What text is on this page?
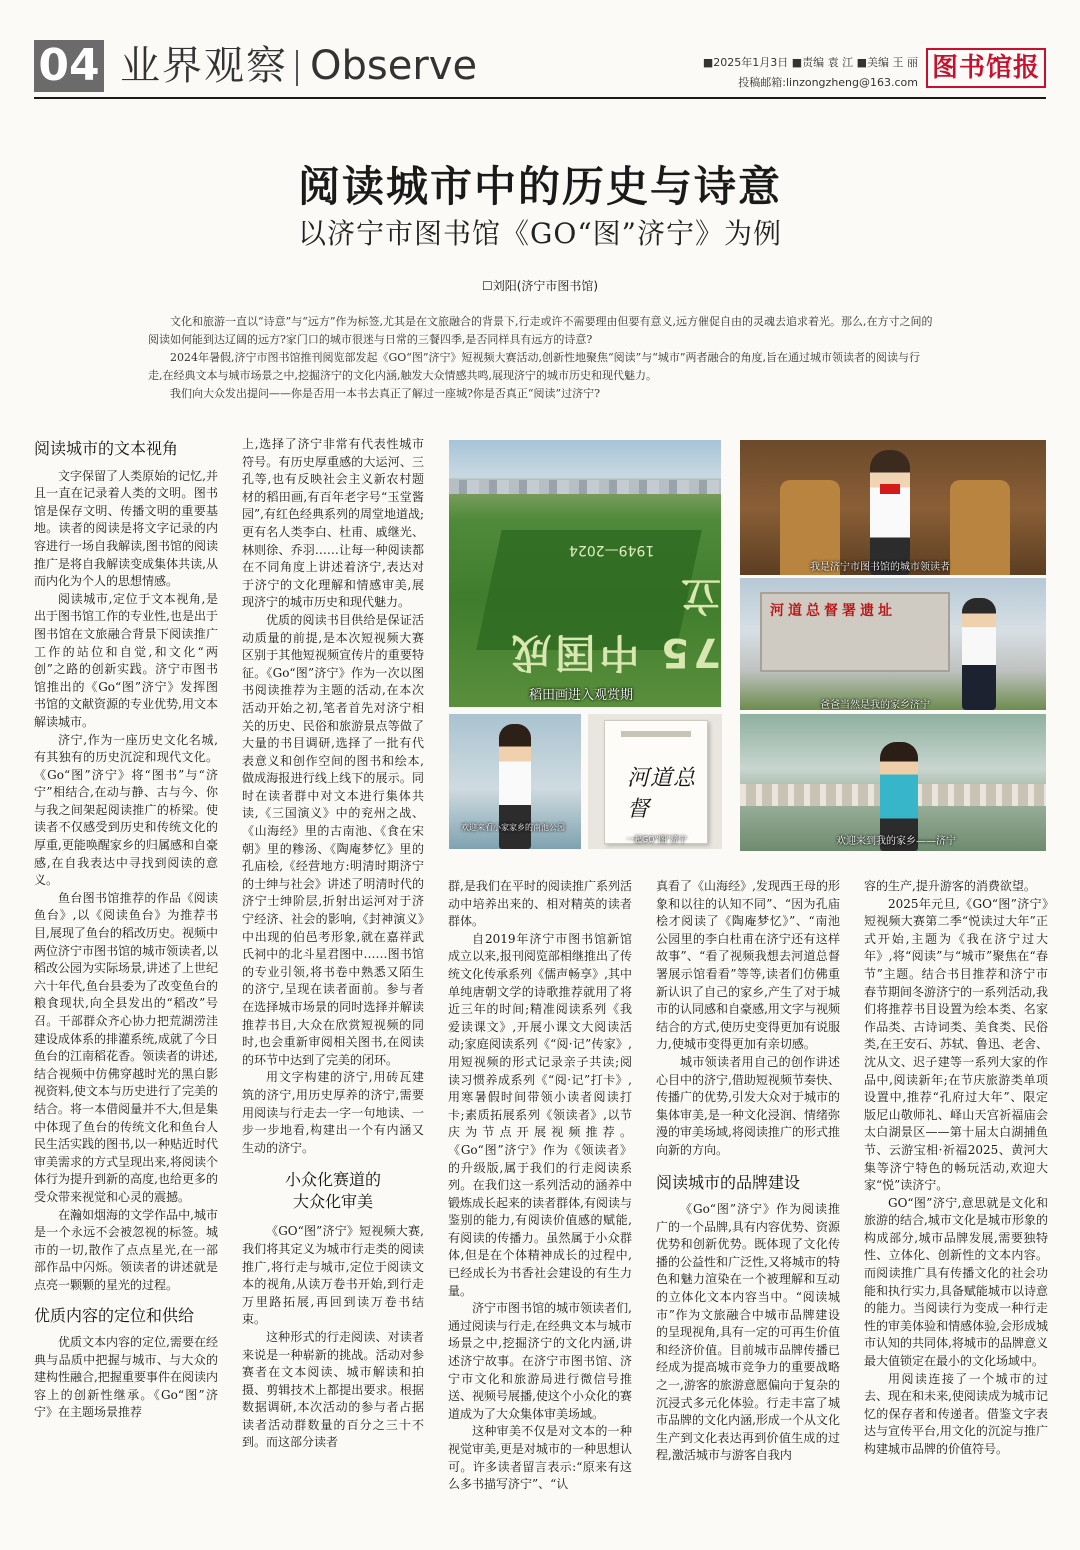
04 业界观察 Observe	■2025年1月3日 ■责编 袁 江 ■美编 王 丽
投稿邮箱:linzongzheng@163.com 图书馆报
阅读城市中的历史与诗意
以济宁市图书馆《GO“图”济宁》为例
☐刘阳(济宁市图书馆)

文化和旅游一直以“诗意”与“远方”作为标签,尤其是在文旅融合的背景下,行走或许不需要理由但要有意义,远方催促自由的灵魂去追求着光。那么,在方寸之间的阅读如何能到达辽阔的远方?家门口的城市很迷与日常的三餐四季,是否同样具有远方的诗意?

2024年暑假,济宁市图书馆推刊阅览部发起《GO“图”济宁》短视频大赛活动,创新性地聚焦“阅读”与“城市”两者融合的角度,旨在通过城市领读者的阅读与行走,在经典文本与城市场景之中,挖掘济宁的文化内涵,触发大众情感共鸣,展现济宁的城市历史和现代魅力。

我们向大众发出提问——你是否用一本书去真正了解过一座城?你是否真正“阅读”过济宁?

阅读城市的文本视角

文字保留了人类原始的记忆,并且一直在记录着人类的文明。图书馆是保存文明、传播文明的重要基地。读者的阅读是将文字记录的内容进行一场自我解读,图书馆的阅读推广是将自我解读变成集体共读,从而内化为个人的思想情感。

阅读城市,定位于文本视角,是出于图书馆工作的专业性,也是出于图书馆在文旅融合背景下阅读推广工作的站位和自觉,和文化“两创”之路的创新实践。济宁市图书馆推出的《Go“图”济宁》发挥图书馆的文献资源的专业优势,用文本解读城市。

济宁,作为一座历史文化名城,有其独有的历史沉淀和现代文化。《Go“图”济宁》将“图书”与“济宁”相结合,在动与静、古与今、你与我之间架起阅读推广的桥梁。使读者不仅感受到历史和传统文化的厚重,更能唤醒家乡的归属感和自豪感,在自我表达中寻找到阅读的意义。

鱼台图书馆推荐的作品《阅读鱼台》,以《阅读鱼台》为推荐书目,展现了鱼台的稻改历史。视频中两位济宁市图书馆的城市领读者,以稻改公园为实际场景,讲述了上世纪六十年代,鱼台县委为了改变鱼台的粮食现状,向全县发出的“稻改”号召。干部群众齐心协力把荒湖涝洼建设成体系的排灌系统,成就了今日鱼台的江南稻花香。领读者的讲述,结合视频中仿佛穿越时光的黑白影视资料,使文本与历史进行了完美的结合。将一本借阅量并不大,但是集中体现了鱼台的传统文化和鱼台人民生活实践的图书,以一种贴近时代审美需求的方式呈现出来,将阅读个体行为提升到新的高度,也给更多的受众带来视觉和心灵的震撼。

在瀚如烟海的文学作品中,城市是一个永远不会被忽视的标签。城市的一切,散作了点点星光,在一部部作品中闪烁。领读者的讲述就是点亮一颗颗的星光的过程。

优质内容的定位和供给

优质文本内容的定位,需要在经典与品质中把握与城市、与大众的建构性融合,把握重要事件在阅读内容上的创新性继承。《Go“图”济宁》在主题场景推荐

上,选择了济宁非常有代表性城市符号。有历史厚重感的大运河、三孔等,也有反映社会主义新农村题材的稻田画,有百年老字号“玉堂酱园”,有红色经典系列的周堂地道战;更有名人类李白、杜甫、戚继光、林则徐、乔羽……让每一种阅读都在不同角度上讲述着济宁,表达对于济宁的文化理解和情感审美,展现济宁的城市历史和现代魅力。

优质的阅读书目供给是保证活动质量的前提,是本次短视频大赛区别于其他短视频宣传片的重要特征。《Go“图”济宁》作为一次以图书阅读推荐为主题的活动,在本次活动开始之初,笔者首先对济宁相关的历史、民俗和旅游景点等做了大量的书目调研,选择了一批有代表意义和创作空间的图书和绘本,做成海报进行线上线下的展示。同时在读者群中对文本进行集体共读,《三国演义》中的兖州之战、《山海经》里的古南池、《食在宋朝》里的糁汤、《陶庵梦忆》里的孔庙桧,《经营地方:明清时期济宁的士绅与社会》讲述了明清时代的济宁士绅阶层,折射出运河对于济宁经济、社会的影响,《封神演义》中出现的伯邑考形象,就在嘉祥武氏祠中的北斗星君图中……图书馆的专业引领,将书卷中熟悉又陌生的济宁,呈现在读者面前。参与者在选择城市场景的同时选择并解读推荐书目,大众在欣赏短视频的同时,也会重新审阅相关图书,在阅读的环节中达到了完美的闭环。

用文字构建的济宁,用砖瓦建筑的济宁,用历史厚养的济宁,需要用阅读与行走去一字一句地读、一步一步地看,构建出一个有内涵又生动的济宁。

小众化赛道的
大众化审美

《GO“图”济宁》短视频大赛,我们将其定义为城市行走类的阅读推广,将行走与城市,定位于阅读文本的视角,从读万卷书开始,到行走万里路拓展,再回到读万卷书结束。

这种形式的行走阅读、对读者来说是一种崭新的挑战。活动对参赛者在文本阅读、城市解读和拍摄、剪辑技术上都提出要求。根据数据调研,本次活动的参与者占据读者活动群数量的百分之三十不到。而这部分读者

75 中国成立
1949—2024
稻田画进入观赏期
我是济宁市图书馆的城市领读者
河道总督署遗址
爸爸当然是我的家乡济宁
欢迎来看小家家乡的南池公园
河道总督
一起GO“图”济宁	欢迎来到我的家乡——济宁

群,是我们在平时的阅读推广系列活动中培养出来的、相对精英的读者群体。

自2019年济宁市图书馆新馆成立以来,报刊阅览部相继推出了传统文化传承系列《儒声畅享》,其中单纯唐朝文学的诗歌推荐就用了将近三年的时间;精准阅读系列《我爱读课文》,开展小课文大阅读活动;家庭阅读系列《“阅·记”传家》,用短视频的形式记录亲子共读;阅读习惯养成系列《“阅·记”打卡》,用寒暑假时间带领小读者阅读打卡;素质拓展系列《领读者》,以节庆为节点开展视频推荐。《Go“图”济宁》作为《领读者》的升级版,属于我们的行走阅读系列。在我们这一系列活动的涵养中锻炼成长起来的读者群体,有阅读与鉴别的能力,有阅读价值感的赋能,有阅读的传播力。虽然属于小众群体,但是在个体精神成长的过程中,已经成长为书香社会建设的有生力量。

济宁市图书馆的城市领读者们,通过阅读与行走,在经典文本与城市场景之中,挖掘济宁的文化内涵,讲述济宁故事。在济宁市图书馆、济宁市文化和旅游局进行微信号推送、视频号展播,使这个小众化的赛道成为了大众集体审美场域。

这种审美不仅是对文本的一种视觉审美,更是对城市的一种思想认可。许多读者留言表示:“原来有这么多书描写济宁”、“认

真看了《山海经》,发现西王母的形象和以往的认知不同”、“因为孔庙桧才阅读了《陶庵梦忆》”、“南池公园里的李白杜甫在济宁还有这样故事”、“看了视频我想去河道总督署展示馆看看”等等,读者们仿佛重新认识了自己的家乡,产生了对于城市的认同感和自豪感,用文字与视频结合的方式,使历史变得更加有说服力,使城市变得更加有亲切感。

城市领读者用自己的创作讲述心目中的济宁,借助短视频节奏快、传播广的优势,引发大众对于城市的集体审美,是一种文化浸润、情绪弥漫的审美场域,将阅读推广的形式推向新的方向。

阅读城市的品牌建设

《Go“图”济宁》作为阅读推广的一个品牌,具有内容优势、资源优势和创新优势。既体现了文化传播的公益性和广泛性,又将城市的特色和魅力渲染在一个被理解和互动的立体化文本内容当中。“阅读城市”作为文旅融合中城市品牌建设的呈现视角,具有一定的可再生价值和经济价值。目前城市品牌传播已经成为提高城市竞争力的重要战略之一,游客的旅游意愿偏向于复杂的沉浸式多元化体验。行走丰富了城市品牌的文化内涵,形成一个从文化生产到文化表达再到价值生成的过程,激活城市与游客自我内

容的生产,提升游客的消费欲望。

2025年元旦,《GO“图”济宁》短视频大赛第二季“悦读过大年”正式开始,主题为《我在济宁过大年》,将“阅读”与“城市”聚焦在“春节”主题。结合书目推荐和济宁市春节期间冬游济宁的一系列活动,我们将推荐书目设置为绘本类、名家作品类、古诗词类、美食类、民俗类,在王安石、苏轼、鲁迅、老舍、沈从文、迟子建等一系列大家的作品中,阅读新年;在节庆旅游类单项设置中,推荐“孔府过大年”、限定版尼山敬师礼、峄山天宫祈福庙会太白湖景区——第十届太白湖捕鱼节、云游宝相·祈福2025、黄河大集等济宁特色的畅玩活动,欢迎大家“悦”读济宁。

GO“图”济宁,意思就是文化和旅游的结合,城市文化是城市形象的构成部分,城市品牌发展,需要独特性、立体化、创新性的文本内容。而阅读推广具有传播文化的社会功能和执行实力,具备赋能城市以诗意的能力。当阅读行为变成一种行走性的审美体验和情感体验,会形成城市认知的共同体,将城市的品牌意义最大值锁定在最小的文化场域中。

用阅读连接了一个城市的过去、现在和未来,使阅读成为城市记忆的保存者和传递者。借鉴文字表达与宣传平台,用文化的沉淀与推广构建城市品牌的价值符号。
